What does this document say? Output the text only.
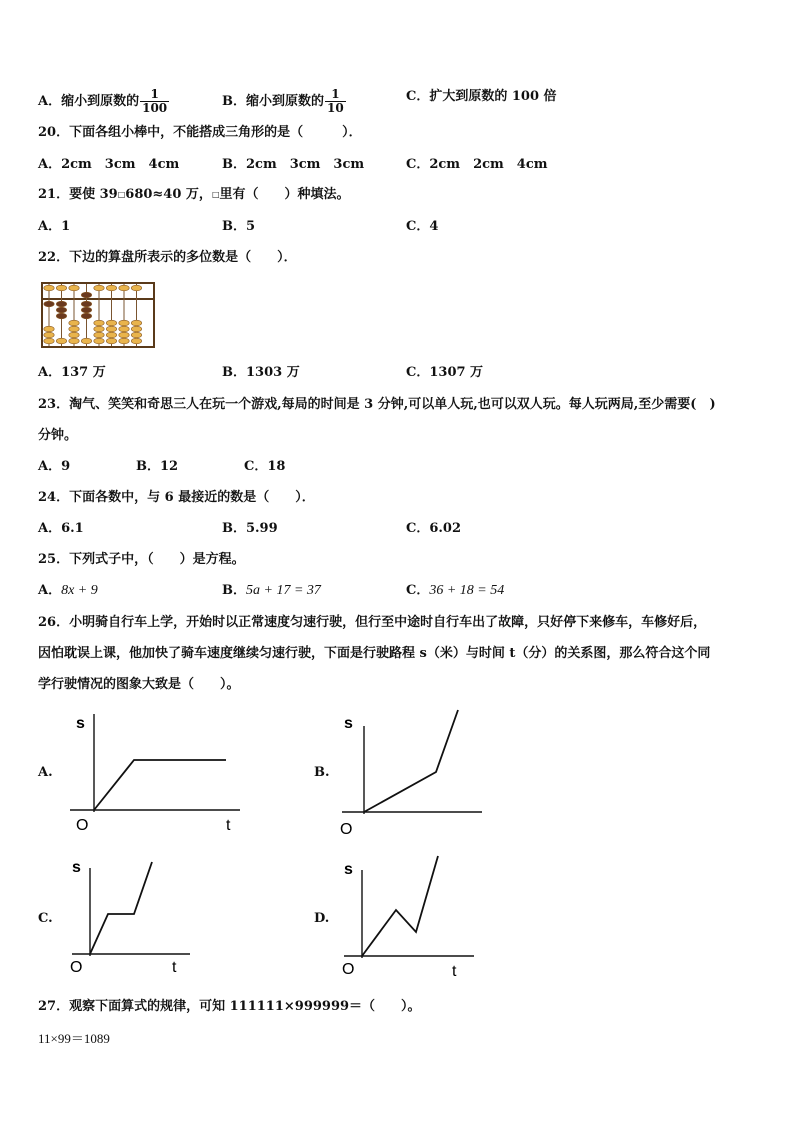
A．缩小到原数的 $\frac{1}{100}$	B．缩小到原数的 $\frac{1}{10}$	C．扩大到原数的 100 倍
20．下面各组小棒中，不能搭成三角形的是（　　　）．
A．2cm　3cm　4cm	B．2cm　3cm　3cm	C．2cm　2cm　4cm
21．要使 39□680≈40 万，□里有（　　）种填法。
A．1	B．5	C．4
22．下边的算盘所表示的多位数是（　　）．
A．137 万	B．1303 万	C．1307 万
23．淘气、笑笑和奇思三人在玩一个游戏,每局的时间是 3 分钟,可以单人玩,也可以双人玩。每人玩两局,至少需要(　)
分钟。
A．9	B．12	C．18
24．下面各数中，与 6 最接近的数是（　　）．
A．6.1	B．5.99	C．6.02
25．下列式子中，（　　）是方程。
A．8x + 9	B．5a + 17 = 37	C．36 + 18 = 54
26．小明骑自行车上学，开始时以正常速度匀速行驶，但行至中途时自行车出了故障，只好停下来修车，车修好后，
因怕耽误上课，他加快了骑车速度继续匀速行驶，下面是行驶路程 s（米）与时间 t（分）的关系图，那么符合这个同
学行驶情况的图象大致是（　　）。
A.
s
O	t
B.
s
O
C.
s
O	t
D.
s
O	t
27．观察下面算式的规律，可知 111111×999999＝（　　）。
11×99＝1089
